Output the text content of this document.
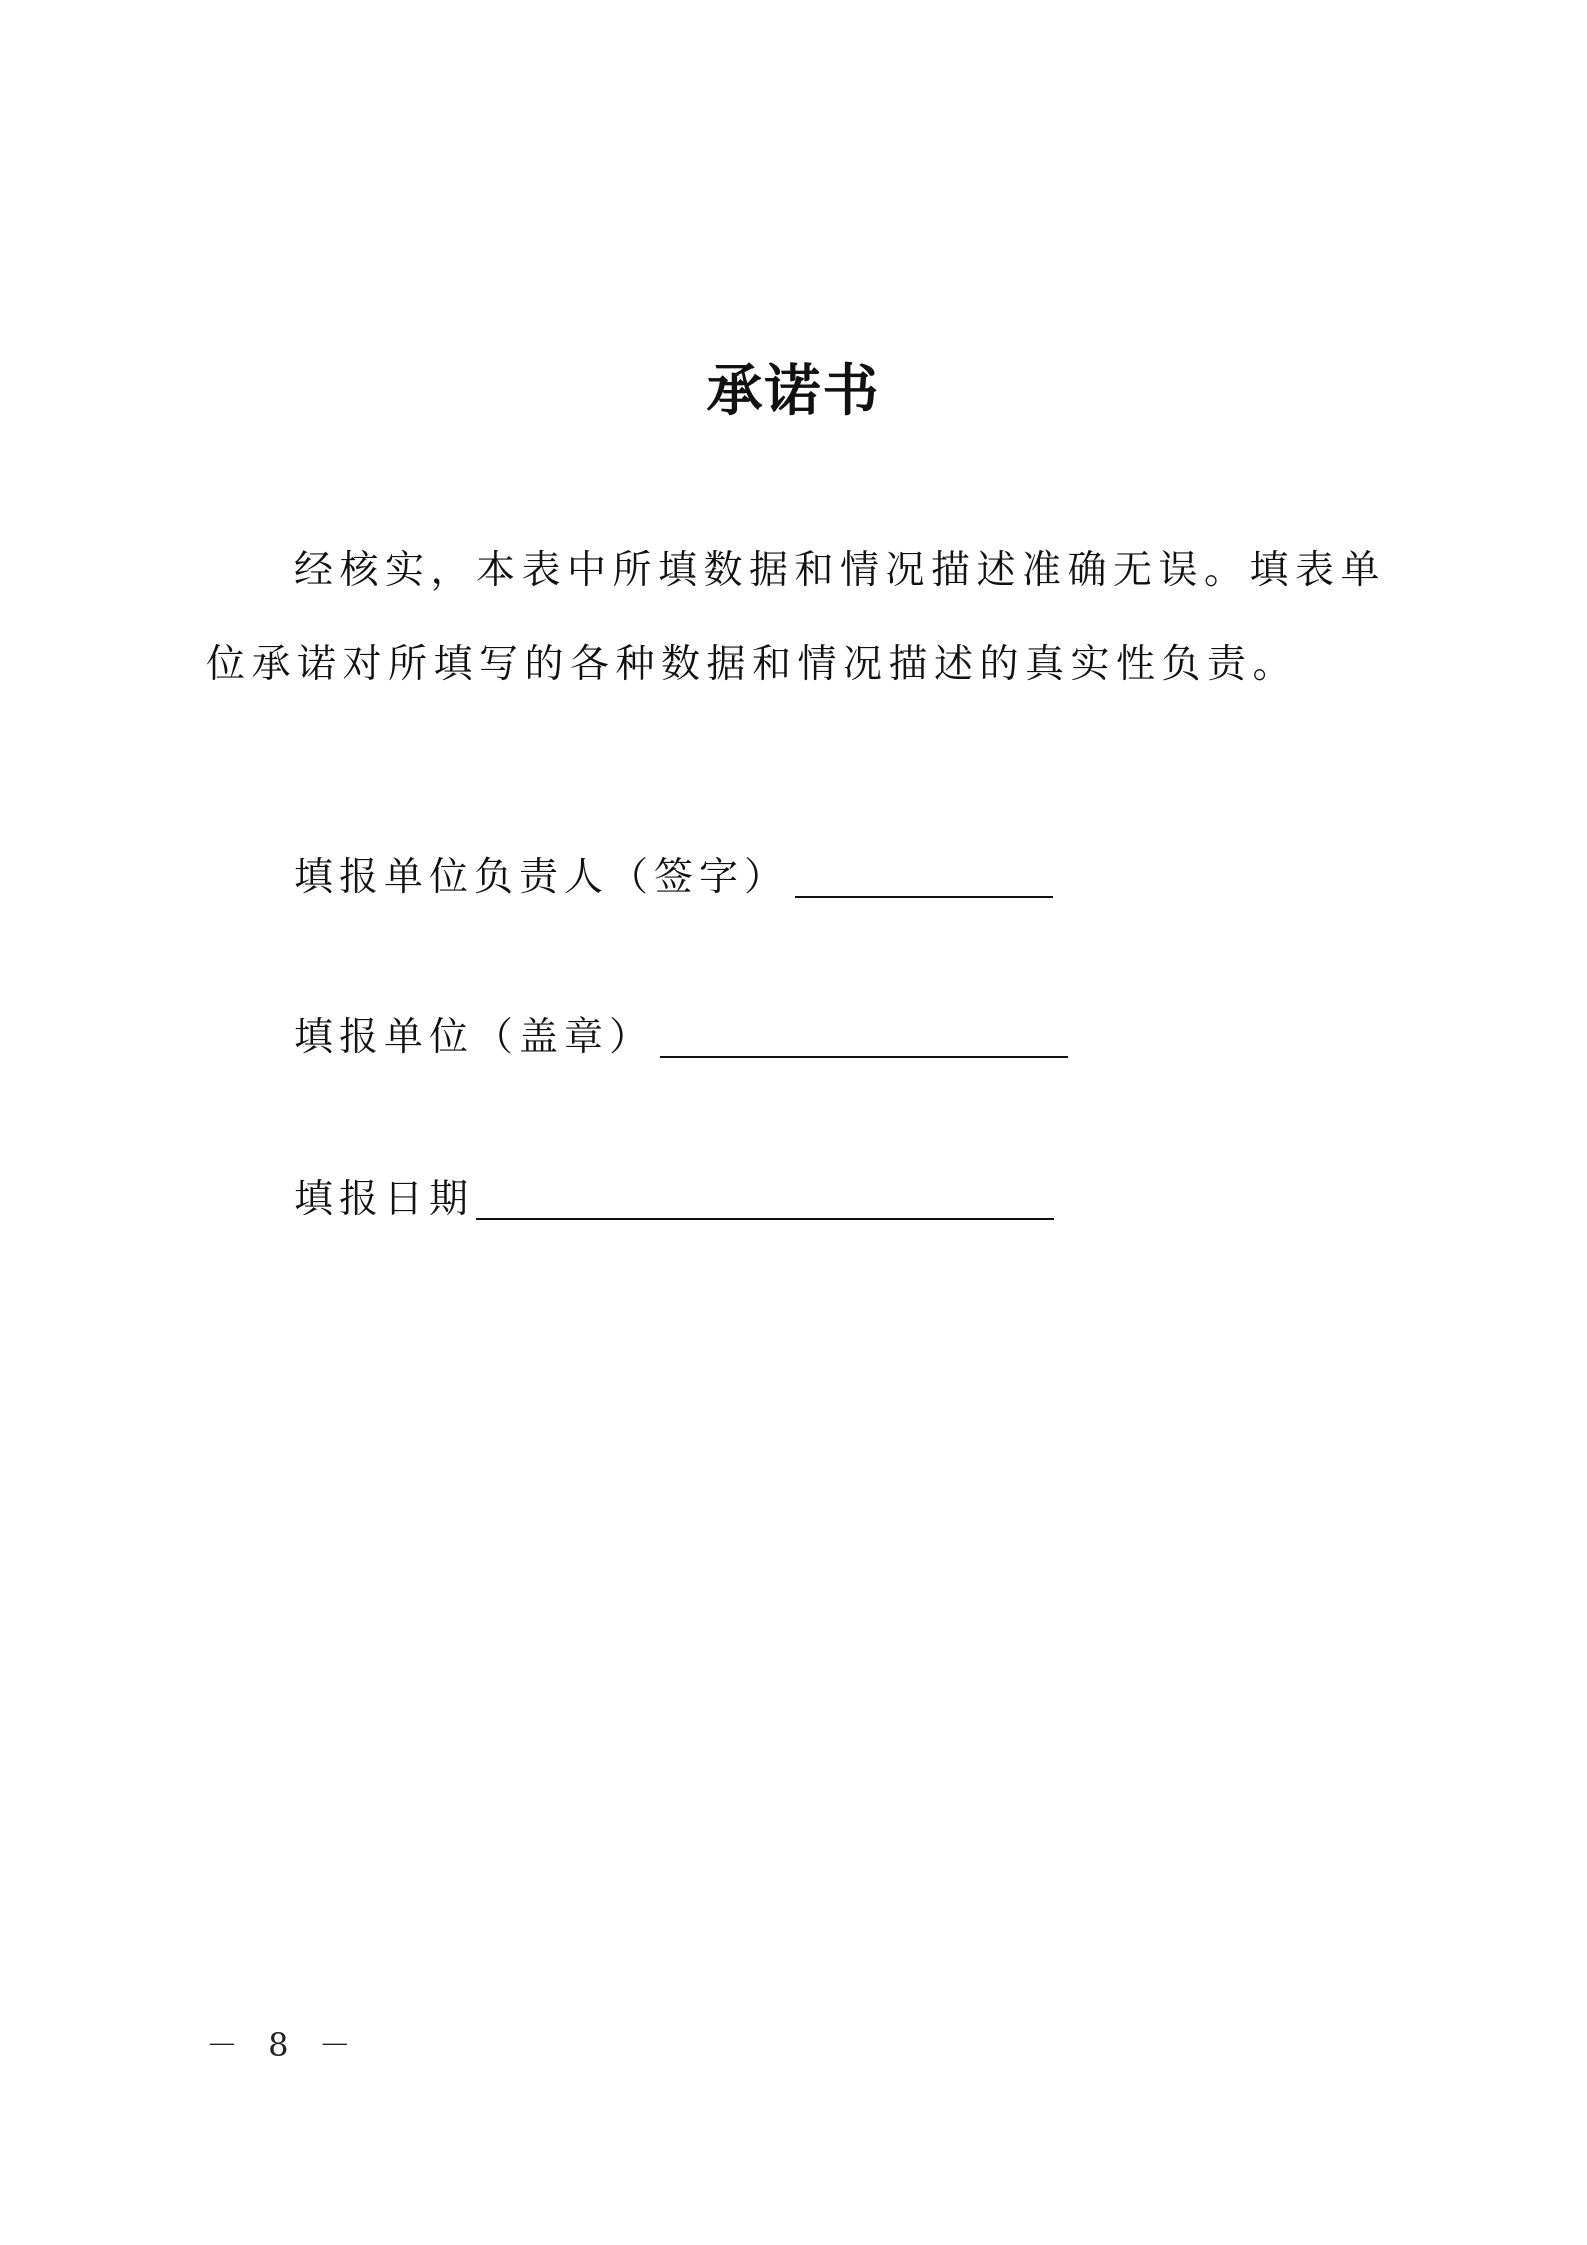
承诺书

经核实，本表中所填数据和情况描述准确无误。填表单位承诺对所填写的各种数据和情况描述的真实性负责。

填报单位负责人（签字）
填报单位（盖章）
填报日期
－ 8 －
